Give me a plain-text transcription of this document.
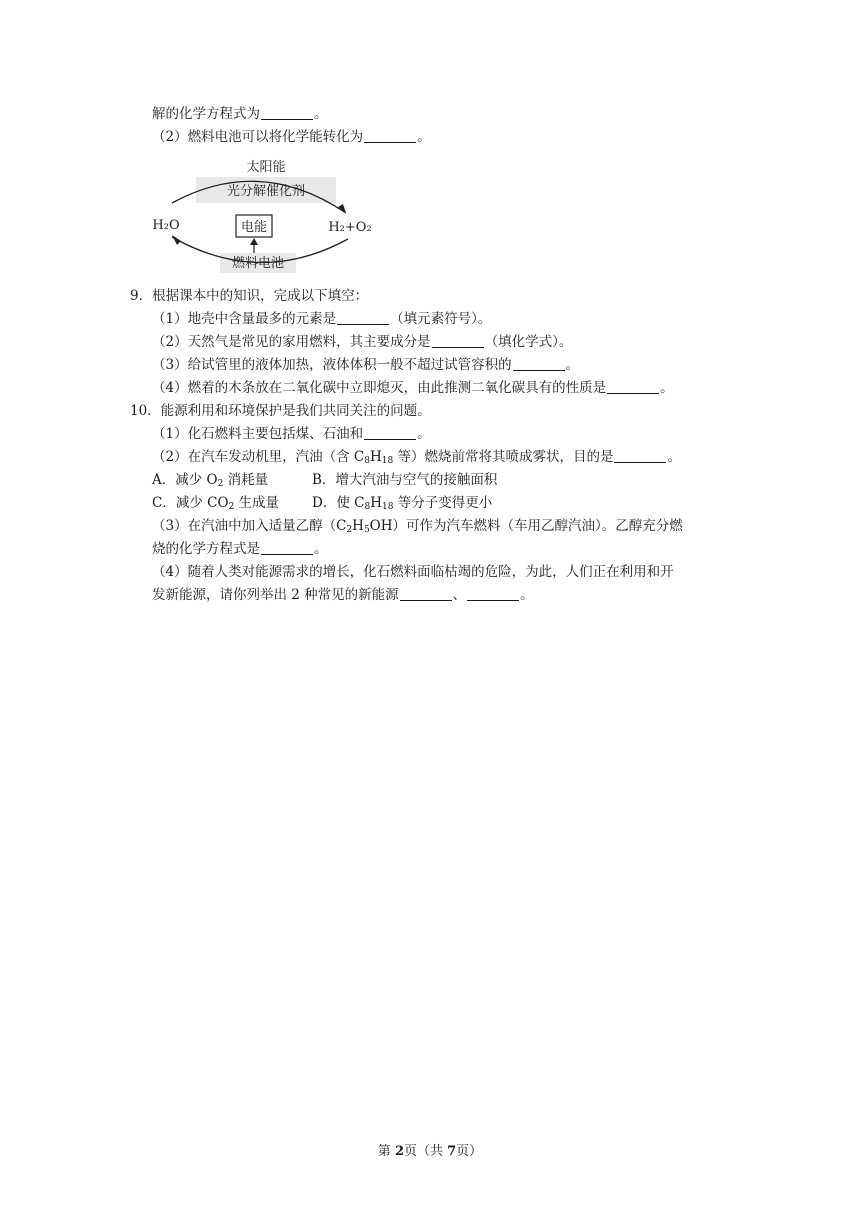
解的化学方程式为	。
（2）燃料电池可以将化学能转化为	。
太阳能
光分解催化剂
H₂O	电能	H₂+O₂
燃料电池
9．根据课本中的知识，完成以下填空：
（1）地壳中含量最多的元素是	（填元素符号）。
（2）天然气是常见的家用燃料，其主要成分是	（填化学式）。
（3）给试管里的液体加热，液体体积一般不超过试管容积的	。
（4）燃着的木条放在二氧化碳中立即熄灭，由此推测二氧化碳具有的性质是	。
10．能源利用和环境保护是我们共同关注的问题。
（1）化石燃料主要包括煤、石油和	。
（2）在汽车发动机里，汽油（含 $C_8H_{18}$ 等）燃烧前常将其喷成雾状，目的是	。
A．减少 $O_2$ 消耗量	B．增大汽油与空气的接触面积
C．减少 $CO_2$ 生成量 D．使 $C_8H_{18}$ 等分子变得更小
（3）在汽油中加入适量乙醇$(C_2H_5OH)$可作为汽车燃料（车用乙醇汽油）。乙醇充分燃
烧的化学方程式是	。
（4）随着人类对能源需求的增长，化石燃料面临枯竭的危险，为此，人们正在利用和开
发新能源，请你列举出 2 种常见的新能源	、	。
第 2页（共 7页）
